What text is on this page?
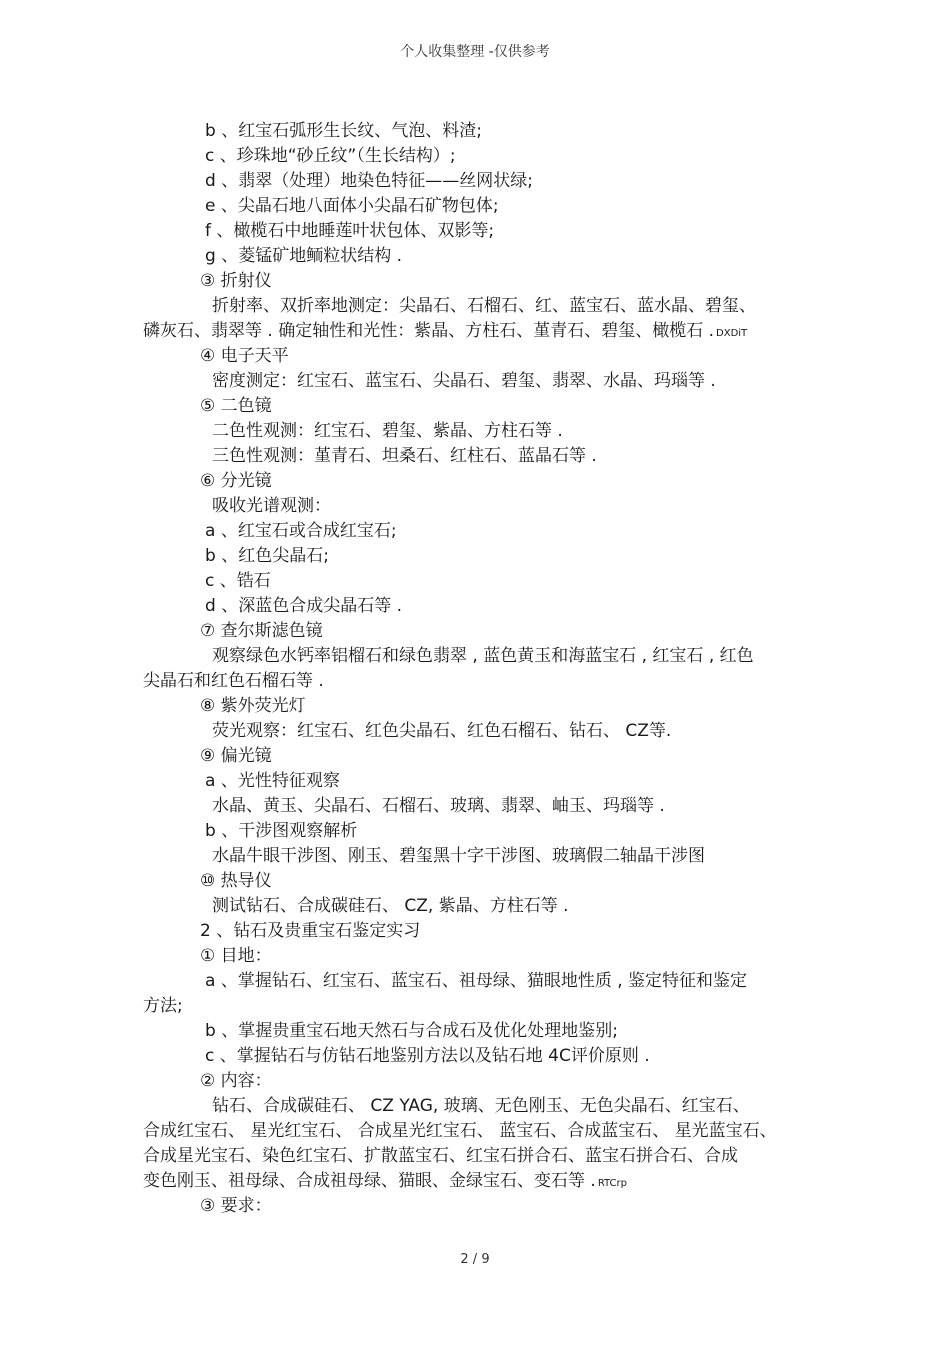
个人收集整理 -仅供参考
b 、红宝石弧形生长纹、气泡、料渣;
c 、珍珠地“砂丘纹”（生长结构）;
d 、翡翠（处理）地染色特征——丝网状绿;
e 、尖晶石地八面体小尖晶石矿物包体;
f 、橄榄石中地睡莲叶状包体、双影等;
g 、菱锰矿地鲕粒状结构 .
③ 折射仪
折射率、双折率地测定：尖晶石、石榴石、红、蓝宝石、蓝水晶、碧玺、
磷灰石、翡翠等 . 确定轴性和光性：紫晶、方柱石、堇青石、碧玺、橄榄石 . DXDiT
④ 电子天平
密度测定：红宝石、蓝宝石、尖晶石、碧玺、翡翠、水晶、玛瑙等 .
⑤ 二色镜
二色性观测：红宝石、碧玺、紫晶、方柱石等 .
三色性观测：堇青石、坦桑石、红柱石、蓝晶石等 .
⑥ 分光镜
吸收光谱观测：
a 、红宝石或合成红宝石;
b 、红色尖晶石;
c 、锆石
d 、深蓝色合成尖晶石等 .
⑦ 查尔斯滤色镜
观察绿色水钙率铝榴石和绿色翡翠 , 蓝色黄玉和海蓝宝石 , 红宝石 , 红色
尖晶石和红色石榴石等 .
⑧ 紫外荧光灯
荧光观察：红宝石、红色尖晶石、红色石榴石、钻石、 CZ等.
⑨ 偏光镜
a 、光性特征观察
水晶、黄玉、尖晶石、石榴石、玻璃、翡翠、岫玉、玛瑙等 .
b 、干涉图观察解析
水晶牛眼干涉图、刚玉、碧玺黑十字干涉图、玻璃假二轴晶干涉图
⑩ 热导仪
测试钻石、合成碳硅石、 CZ, 紫晶、方柱石等 .
2 、钻石及贵重宝石鉴定实习
① 目地：
a 、掌握钻石、红宝石、蓝宝石、祖母绿、猫眼地性质 , 鉴定特征和鉴定
方法;
b 、掌握贵重宝石地天然石与合成石及优化处理地鉴别;
c 、掌握钻石与仿钻石地鉴别方法以及钻石地 4C评价原则 .
② 内容：
钻石、合成碳硅石、 CZ YAG, 玻璃、无色刚玉、无色尖晶石、红宝石、
合成红宝石、 星光红宝石、 合成星光红宝石、 蓝宝石、合成蓝宝石、 星光蓝宝石、
合成星光宝石、染色红宝石、扩散蓝宝石、红宝石拼合石、蓝宝石拼合石、合成
变色刚玉、祖母绿、合成祖母绿、猫眼、金绿宝石、变石等 . RTCrp
③ 要求：
2 / 9
